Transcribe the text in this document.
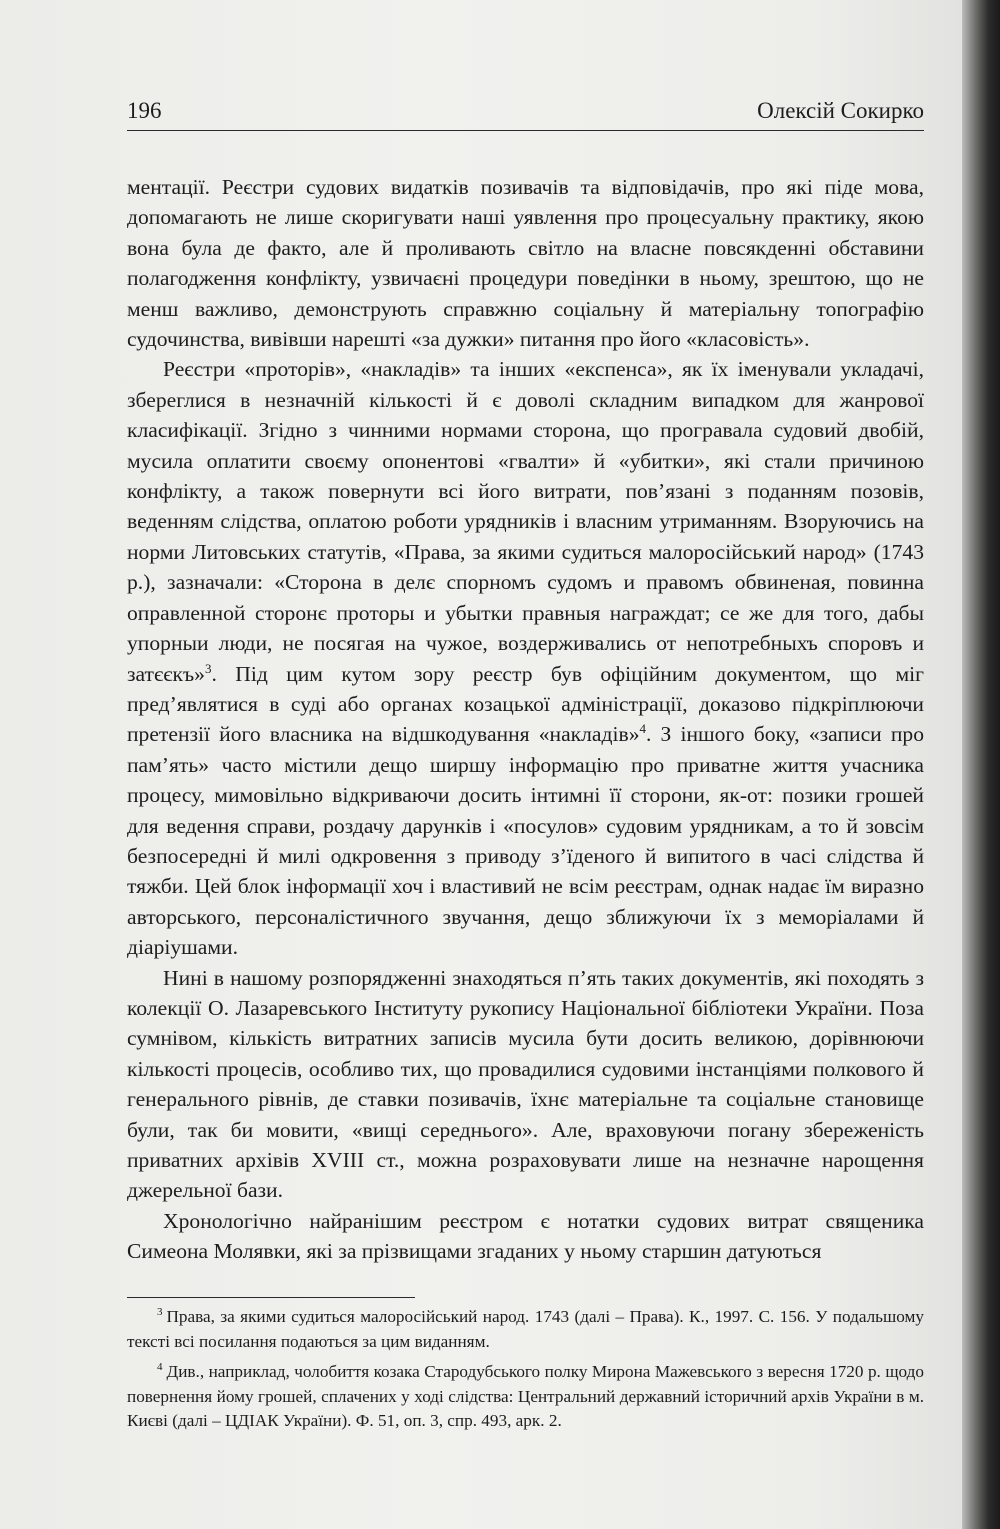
196	Олексій Сокирко

ментації. Реєстри судових видатків позивачів та відповідачів, про які піде мова, допомагають не лише скоригувати наші уявлення про процесуальну практику, якою вона була де факто, але й проливають світло на власне повсякденні обставини полагодження конфлікту, узвичаєні процедури поведінки в ньому, зрештою, що не менш важливо, демонструють справжню соціальну й матеріальну топографію судочинства, вивівши нарешті «за дужки» питання про його «класовість».

Реєстри «проторів», «накладів» та інших «експенса», як їх іменували укладачі, збереглися в незначній кількості й є доволі складним випадком для жанрової класифікації. Згідно з чинними нормами сторона, що програвала судовий двобій, мусила оплатити своєму опонентові «гвалти» й «убитки», які стали причиною конфлікту, а також повернути всі його витрати, пов’язані з поданням позовів, веденням слідства, оплатою роботи урядників і власним утриманням. Взоруючись на норми Литовських статутів, «Права, за якими судиться малоросійський народ» (1743 р.), зазначали: «Сторона в делє спорномъ судомъ и правомъ обвиненая, повинна оправленной сторонє проторы и убытки правныя награждат; се же для того, дабы упорныи люди, не посягая на чужое, воздерживались от непотребныхъ споровъ и затєєкъ»$^3$. Під цим кутом зору реєстр був офіційним документом, що міг пред’являтися в суді або органах козацької адміністрації, доказово підкріплюючи претензії його власника на відшкодування «накладів»$^4$. З іншого боку, «записи про пам’ять» часто містили дещо ширшу інформацію про приватне життя учасника процесу, мимовільно відкриваючи досить інтимні її сторони, як-от: позики грошей для ведення справи, роздачу дарунків і «посулов» судовим урядникам, а то й зовсім безпосередні й милі одкровення з приводу з’їденого й випитого в часі слідства й тяжби. Цей блок інформації хоч і властивий не всім реєстрам, однак надає їм виразно авторського, персоналістичного звучання, дещо зближуючи їх з меморіалами й діаріушами.

Нині в нашому розпорядженні знаходяться п’ять таких документів, які походять з колекції О. Лазаревського Інституту рукопису Національної бібліотеки України. Поза сумнівом, кількість витратних записів мусила бути досить великою, дорівнюючи кількості процесів, особливо тих, що провадилися судовими інстанціями полкового й генерального рівнів, де ставки позивачів, їхнє матеріальне та соціальне становище були, так би мовити, «вищі середнього». Але, враховуючи погану збереженість приватних архівів XVIII ст., можна розраховувати лише на незначне нарощення джерельної бази.

Хронологічно найранішим реєстром є нотатки судових витрат священика Симеона Молявки, які за прізвищами згаданих у ньому старшин датуються

$^3$ Права, за якими судиться малоросійський народ. 1743 (далі – Права). К., 1997. С. 156. У подальшому тексті всі посилання подаються за цим виданням.

$^4$ Див., наприклад, чолобиття козака Стародубського полку Мирона Мажевського з вересня 1720 р. щодо повернення йому грошей, сплачених у ході слідства: Центральний державний історичний архів України в м. Києві (далі – ЦДІАК України). Ф. 51, оп. 3, спр. 493, арк. 2.
